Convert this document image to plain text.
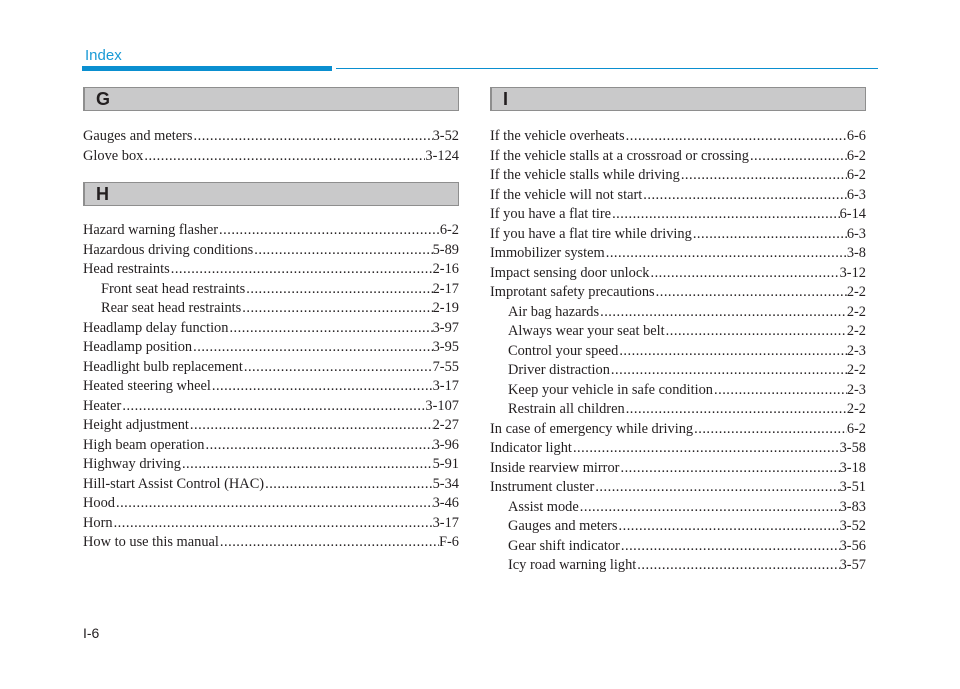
Index
G
Gauges and meters .....	3-52
Glove box .....	3-124
H
Hazard warning flasher .....	6-2
Hazardous driving conditions .....	5-89
Head restraints .....	2-16
Front seat head restraints .....	2-17
Rear seat head restraints .....	2-19
Headlamp delay function .....	3-97
Headlamp position .....	3-95
Headlight bulb replacement .....	7-55
Heated steering wheel .....	3-17
Heater .....	3-107
Height adjustment .....	2-27
High beam operation .....	3-96
Highway driving .....	5-91
Hill-start Assist Control (HAC) .....	5-34
Hood .....	3-46
Horn .....	3-17
How to use this manual .....	F-6
I
If the vehicle overheats .....	6-6
If the vehicle stalls at a crossroad or crossing .....	6-2
If the vehicle stalls while driving .....	6-2
If the vehicle will not start .....	6-3
If you have a flat tire .....	6-14
If you have a flat tire while driving .....	6-3
Immobilizer system .....	3-8
Impact sensing door unlock .....	3-12
Improtant safety precautions .....	2-2
Air bag hazards .....	2-2
Always wear your seat belt .....	2-2
Control your speed .....	2-3
Driver distraction .....	2-2
Keep your vehicle in safe condition .....	2-3
Restrain all children .....	2-2
In case of emergency while driving .....	6-2
Indicator light .....	3-58
Inside rearview mirror .....	3-18
Instrument cluster .....	3-51
Assist mode .....	3-83
Gauges and meters .....	3-52
Gear shift indicator .....	3-56
Icy road warning light .....	3-57
I-6
